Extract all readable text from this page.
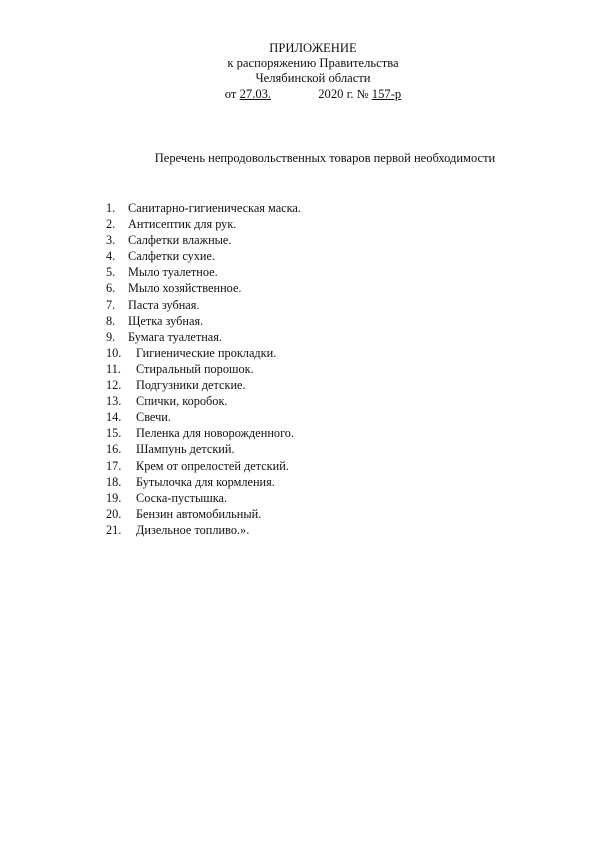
ПРИЛОЖЕНИЕ
к распоряжению Правительства
Челябинской области
от 27.03.	2020 г. № 157-р
Перечень непродовольственных товаров первой необходимости
1.	Санитарно-гигиеническая маска.
2.	Антисептик для рук.
3.	Салфетки влажные.
4.	Салфетки сухие.
5.	Мыло туалетное.
6.	Мыло хозяйственное.
7.	Паста зубная.
8.	Щетка зубная.
9.	Бумага туалетная.
10.	Гигиенические прокладки.
11.	Стиральный порошок.
12.	Подгузники детские.
13.	Спички, коробок.
14.	Свечи.
15.	Пеленка для новорожденного.
16.	Шампунь детский.
17.	Крем от опрелостей детский.
18.	Бутылочка для кормления.
19.	Соска-пустышка.
20.	Бензин автомобильный.
21.	Дизельное топливо.».
